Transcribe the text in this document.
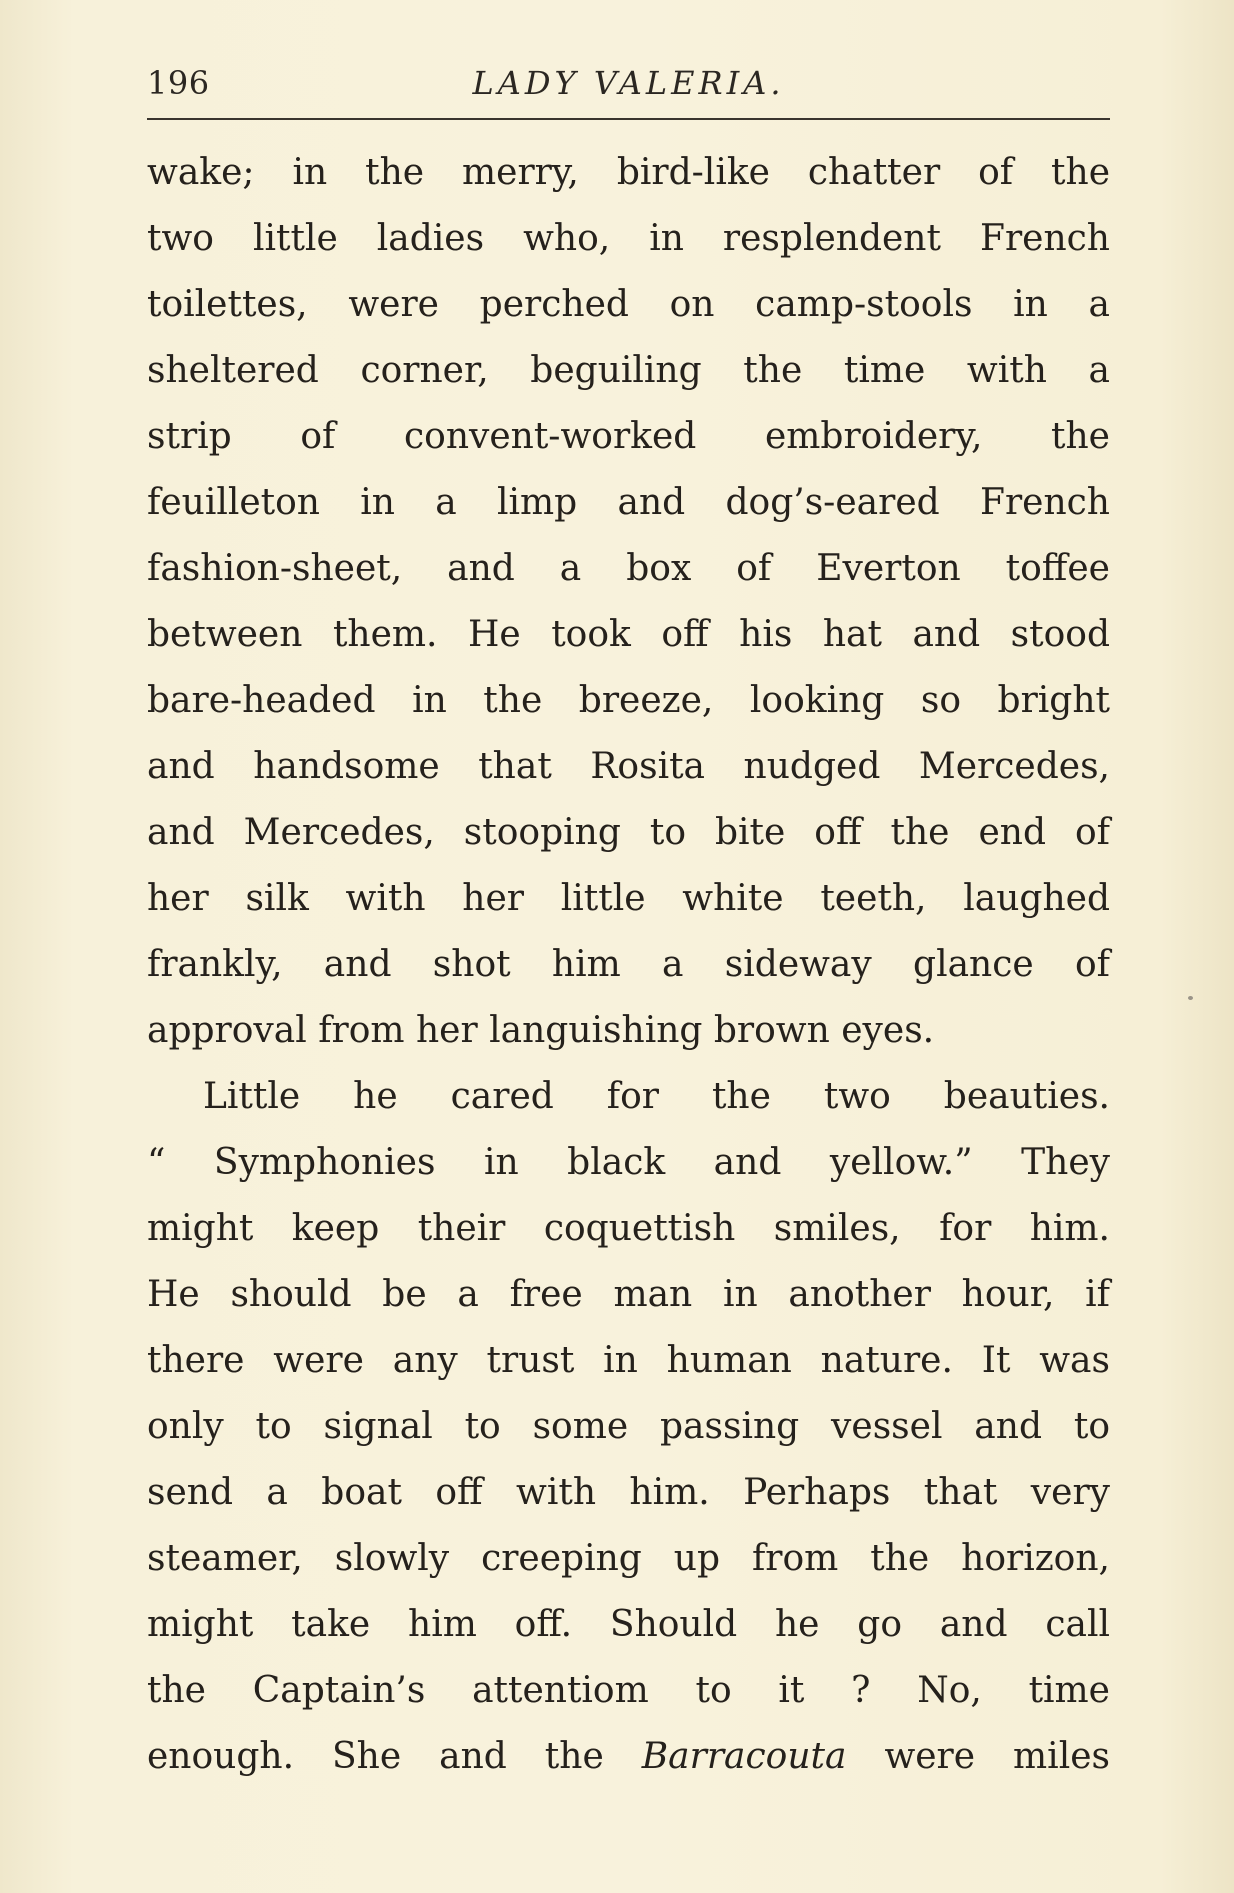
196	LADY VALERIA.
wake; in the merry, bird-like chatter of the
two little ladies who, in resplendent French
toilettes, were perched on camp-stools in a
sheltered corner, beguiling the time with a
strip of convent-worked embroidery, the
feuilleton in a limp and dog’s-eared French
fashion-sheet, and a box of Everton toffee
between them. He took off his hat and stood
bare-headed in the breeze, looking so bright
and handsome that Rosita nudged Mercedes,
and Mercedes, stooping to bite off the end of
her silk with her little white teeth, laughed
frankly, and shot him a sideway glance of
approval from her languishing brown eyes.
Little he cared for the two beauties.
“ Symphonies in black and yellow.” They
might keep their coquettish smiles, for him.
He should be a free man in another hour, if
there were any trust in human nature. It was
only to signal to some passing vessel and to
send a boat off with him. Perhaps that very
steamer, slowly creeping up from the horizon,
might take him off. Should he go and call
the Captain’s attentiom to it ? No, time
enough. She and the Barracouta were miles
